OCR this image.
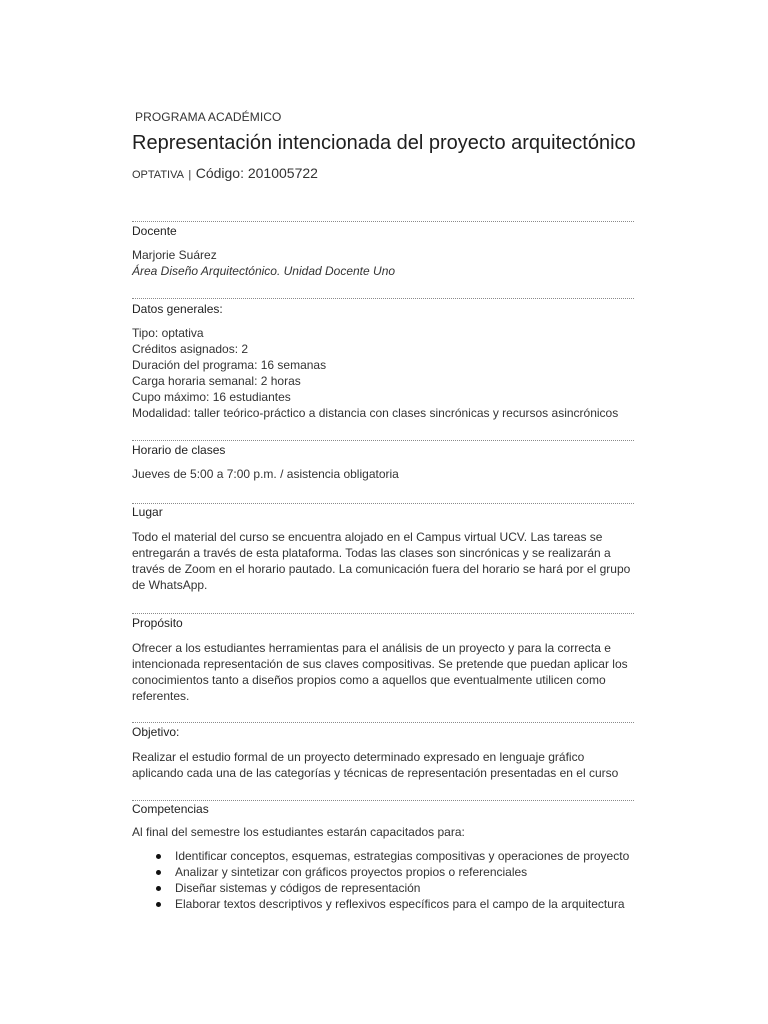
PROGRAMA ACADÉMICO
Representación intencionada del proyecto arquitectónico
OPTATIVA | Código: 201005722
Docente

Marjorie Suárez

Área Diseño Arquitectónico. Unidad Docente Uno

Datos generales:

Tipo: optativa

Créditos asignados: 2

Duración del programa: 16 semanas

Carga horaria semanal: 2 horas

Cupo máximo: 16 estudiantes

Modalidad: taller teórico-práctico a distancia con clases sincrónicas y recursos asincrónicos

Horario de clases

Jueves de 5:00 a 7:00 p.m. / asistencia obligatoria

Lugar

Todo el material del curso se encuentra alojado en el Campus virtual UCV. Las tareas se entregarán a través de esta plataforma. Todas las clases son sincrónicas y se realizarán a través de Zoom en el horario pautado. La comunicación fuera del horario se hará por el grupo de WhatsApp.

Propósito

Ofrecer a los estudiantes herramientas para el análisis de un proyecto y para la correcta e intencionada representación de sus claves compositivas. Se pretende que puedan aplicar los conocimientos tanto a diseños propios como a aquellos que eventualmente utilicen como referentes.

Objetivo:

Realizar el estudio formal de un proyecto determinado expresado en lenguaje gráfico aplicando cada una de las categorías y técnicas de representación presentadas en el curso

Competencias

Al final del semestre los estudiantes estarán capacitados para:

Identificar conceptos, esquemas, estrategias compositivas y operaciones de proyecto
Analizar y sintetizar con gráficos proyectos propios o referenciales
Diseñar sistemas y códigos de representación
Elaborar textos descriptivos y reflexivos específicos para el campo de la arquitectura
